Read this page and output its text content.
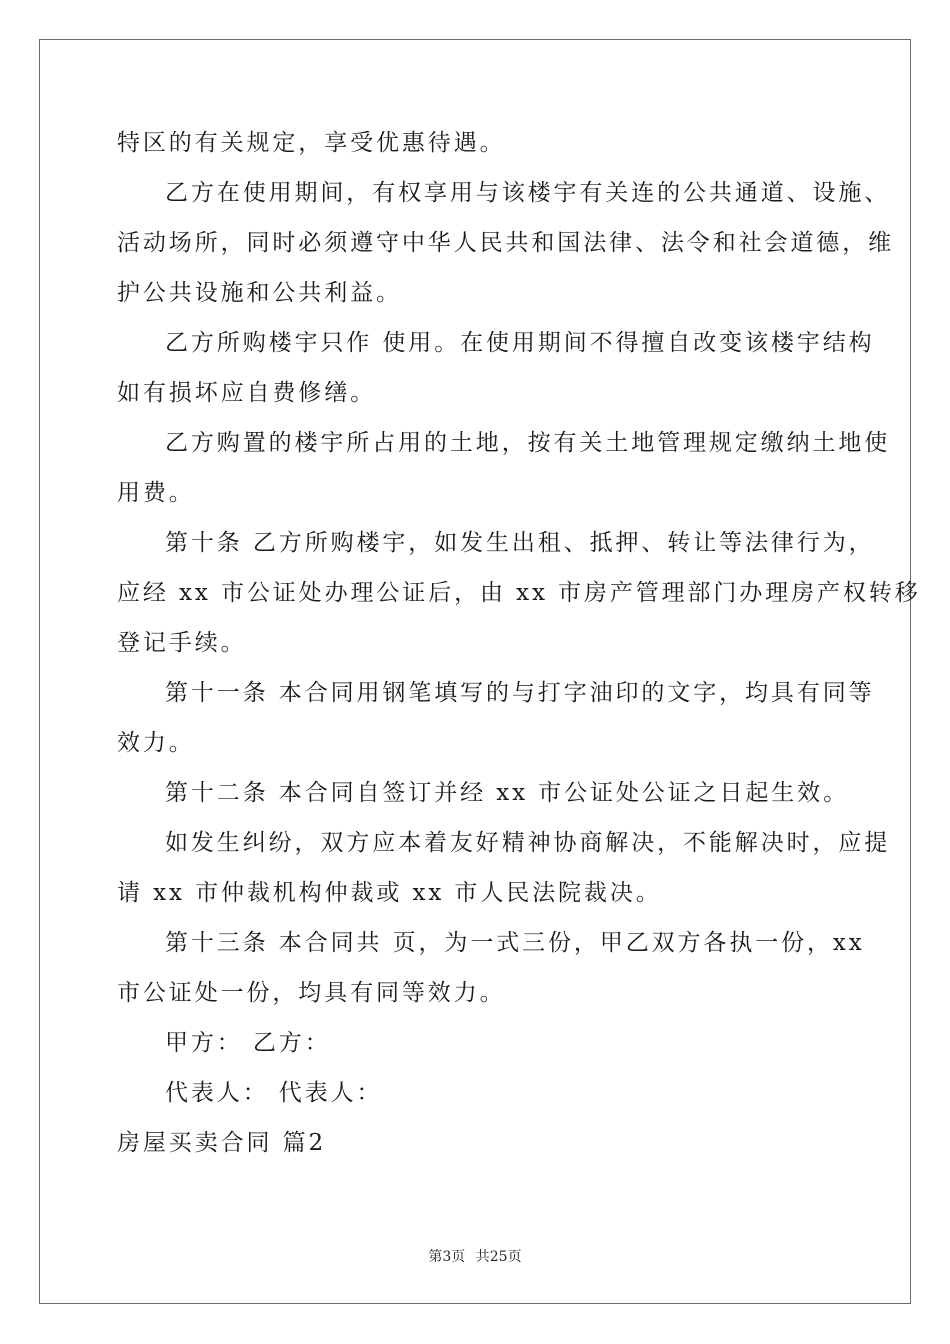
特区的有关规定，享受优惠待遇。
乙方在使用期间，有权享用与该楼宇有关连的公共通道、设施、
活动场所，同时必须遵守中华人民共和国法律、法令和社会道德，维
护公共设施和公共利益。
乙方所购楼宇只作 使用。在使用期间不得擅自改变该楼宇结构
如有损坏应自费修缮。
乙方购置的楼宇所占用的土地，按有关土地管理规定缴纳土地使
用费。
第十条 乙方所购楼宇，如发生出租、抵押、转让等法律行为，
应经 xx 市公证处办理公证后，由 xx 市房产管理部门办理房产权转移
登记手续。
第十一条 本合同用钢笔填写的与打字油印的文字，均具有同等
效力。
第十二条 本合同自签订并经 xx 市公证处公证之日起生效。
如发生纠纷，双方应本着友好精神协商解决，不能解决时，应提
请 xx 市仲裁机构仲裁或 xx 市人民法院裁决。
第十三条 本合同共 页，为一式三份，甲乙双方各执一份，xx
市公证处一份，均具有同等效力。
甲方： 乙方：
代表人： 代表人：
房屋买卖合同 篇2
第3页 共25页
